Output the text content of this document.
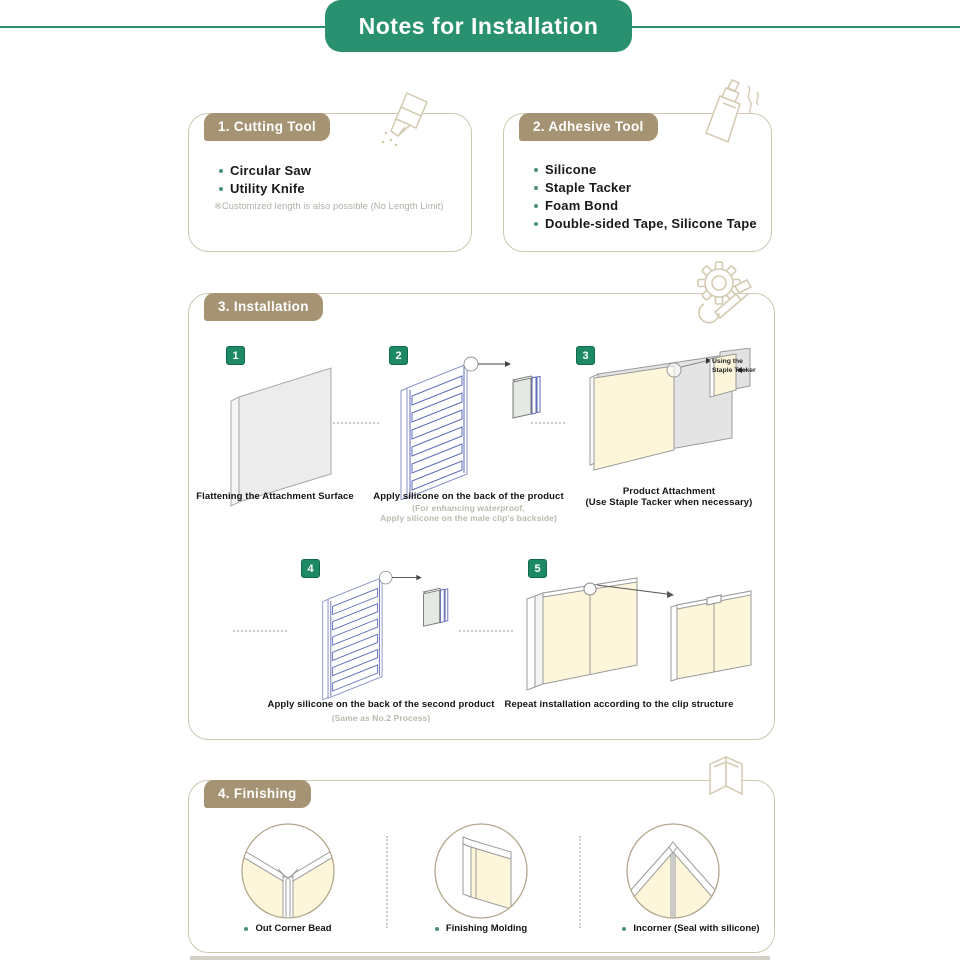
Notes for Installation
1. Cutting Tool
Circular Saw
Utility Knife
※Customized length is also possible (No Length Limit)
2. Adhesive Tool
Silicone
Staple Tacker
Foam Bond
Double-sided Tape, Silicone Tape
3. Installation
1
Flattening the Attachment Surface
2
Apply silicone on the back of the product
(For enhancing waterproof,
Apply silicone on the male clip's backside)
3	Using the
Staple Tacker
Product Attachment
(Use Staple Tacker when necessary)
4
Apply silicone on the back of the second product
(Same as No.2 Process)
5
Repeat installation according to the clip structure
4. Finishing
Out Corner Bead	Finishing Molding	Incorner (Seal with silicone)
